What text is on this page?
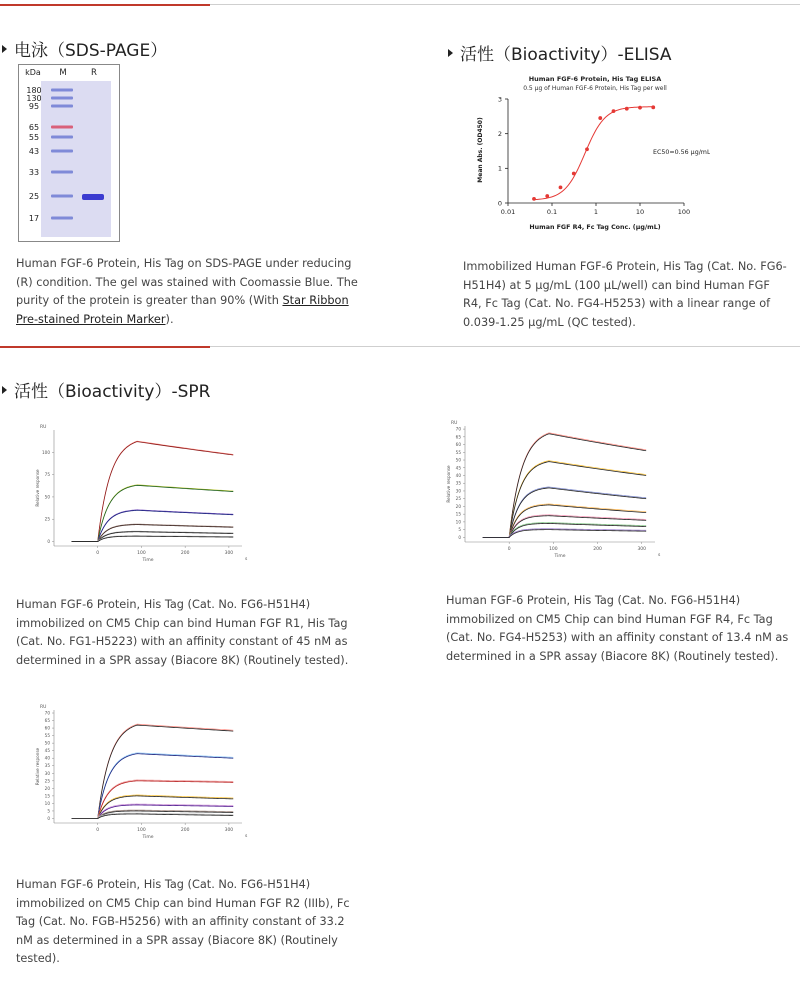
电泳（SDS-PAGE）
kDa M	R
180
130
95
65
55
43
33
25
17
Human FGF-6 Protein, His Tag on SDS-PAGE under reducing (R) condition. The gel was stained with Coomassie Blue. The purity of the protein is greater than 90% (With Star Ribbon Pre-stained Protein Marker).
活性（Bioactivity）-ELISA
Human FGF-6 Protein, His Tag ELISA
0.5 μg of Human FGF-6 Protein, His Tag per well
Mean Abs. (OD450)
Human FGF R4, Fc Tag Conc. (μg/mL)
EC50=0.56 μg/mL
0.01	0.1	1	10	100
0
1
2
3
Immobilized Human FGF-6 Protein, His Tag (Cat. No. FG6-H51H4) at 5 μg/mL (100 μL/well) can bind Human FGF R4, Fc Tag (Cat. No. FG4-H5253) with a linear range of 0.039-1.25 μg/mL (QC tested).
活性（Bioactivity）-SPR
RU
s
Time
Relative response
0	100	200	300
0
25
50
75
100
Human FGF-6 Protein, His Tag (Cat. No. FG6-H51H4) immobilized on CM5 Chip can bind Human FGF R1, His Tag (Cat. No. FG1-H5223) with an affinity constant of 45 nM as determined in a SPR assay (Biacore 8K) (Routinely tested).
RU
s
Time
Relative response
0	100	200	300
0
5
10
15
20
25
30
35
40
45
50
55
60
65
70
Human FGF-6 Protein, His Tag (Cat. No. FG6-H51H4) immobilized on CM5 Chip can bind Human FGF R4, Fc Tag (Cat. No. FG4-H5253) with an affinity constant of 13.4 nM as determined in a SPR assay (Biacore 8K) (Routinely tested).
RU
s
Time
Relative response
0	100	200	300
0
5
10
15
20
25
30
35
40
45
50
55
60
65
70
Human FGF-6 Protein, His Tag (Cat. No. FG6-H51H4) immobilized on CM5 Chip can bind Human FGF R2 (IIIb), Fc Tag (Cat. No. FGB-H5256) with an affinity constant of 33.2 nM as determined in a SPR assay (Biacore 8K) (Routinely tested).
